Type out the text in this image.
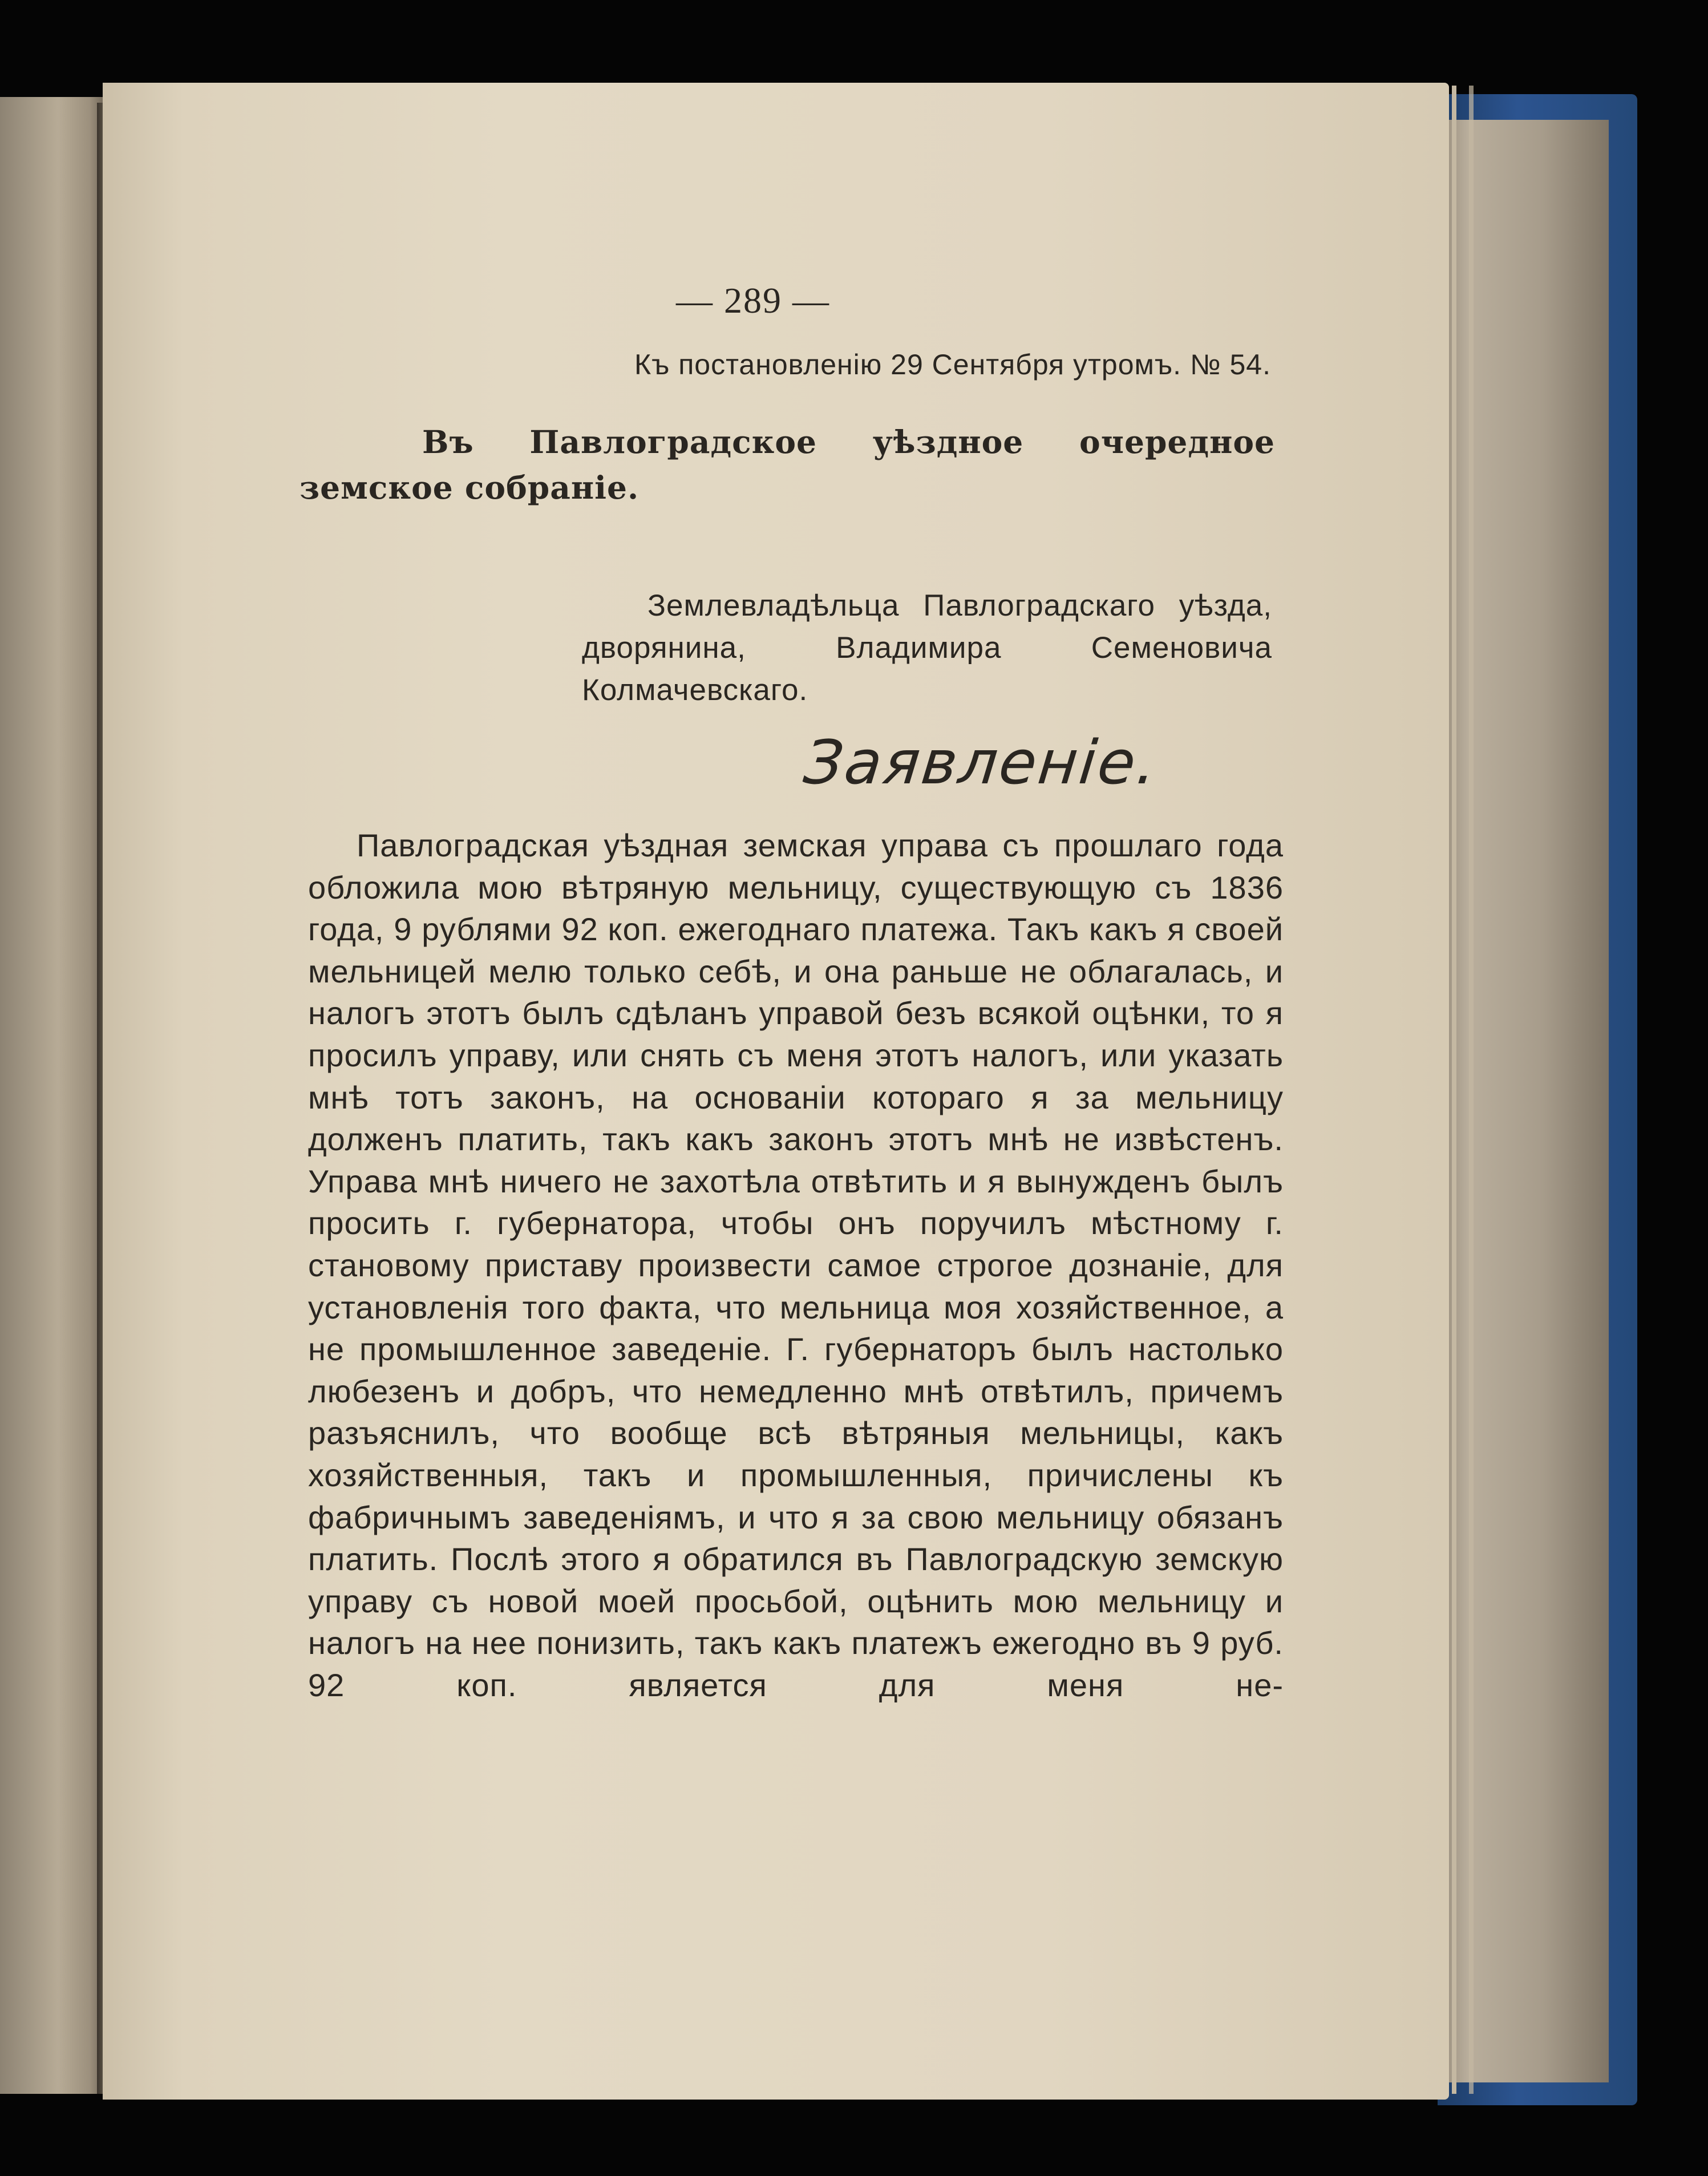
— 289 —
Къ постановленію 29 Сентября утромъ. № 54.
Въ Павлоградское уѣздное очередное земское собраніе.
Землевладѣльца Павлоградскаго уѣзда, дворянина, Владимира Семеновича Колмачевскаго.
Заявленіе.
Павлоградская уѣздная земская управа съ прошлаго года обложила мою вѣтряную мельницу, существующую съ 1836 года, 9 рублями 92 коп. ежегоднаго платежа. Такъ какъ я своей мельницей мелю только себѣ, и она раньше не облагалась, и налогъ этотъ былъ сдѣланъ управой безъ всякой оцѣнки, то я просилъ управу, или снять съ меня этотъ налогъ, или указать мнѣ тотъ законъ, на основаніи котораго я за мельницу долженъ платить, такъ какъ законъ этотъ мнѣ не извѣстенъ. Управа мнѣ ничего не захотѣла отвѣтить и я вынужденъ былъ просить г. губернатора, чтобы онъ поручилъ мѣстному г. становому приставу произвести самое строгое дознаніе, для установленія того факта, что мельница моя хозяйственное, а не промышленное заведеніе. Г. губернаторъ былъ настолько любезенъ и добръ, что немедленно мнѣ отвѣтилъ, причемъ разъяснилъ, что вообще всѣ вѣтряныя мельницы, какъ хозяйственныя, такъ и промышленныя, причислены къ фабричнымъ заведеніямъ, и что я за свою мельницу обязанъ платить. Послѣ этого я обратился въ Павлоградскую земскую управу съ новой моей просьбой, оцѣнить мою мельницу и налогъ на нее понизить, такъ какъ платежъ ежегодно въ 9 руб. 92 коп. является для меня не-
